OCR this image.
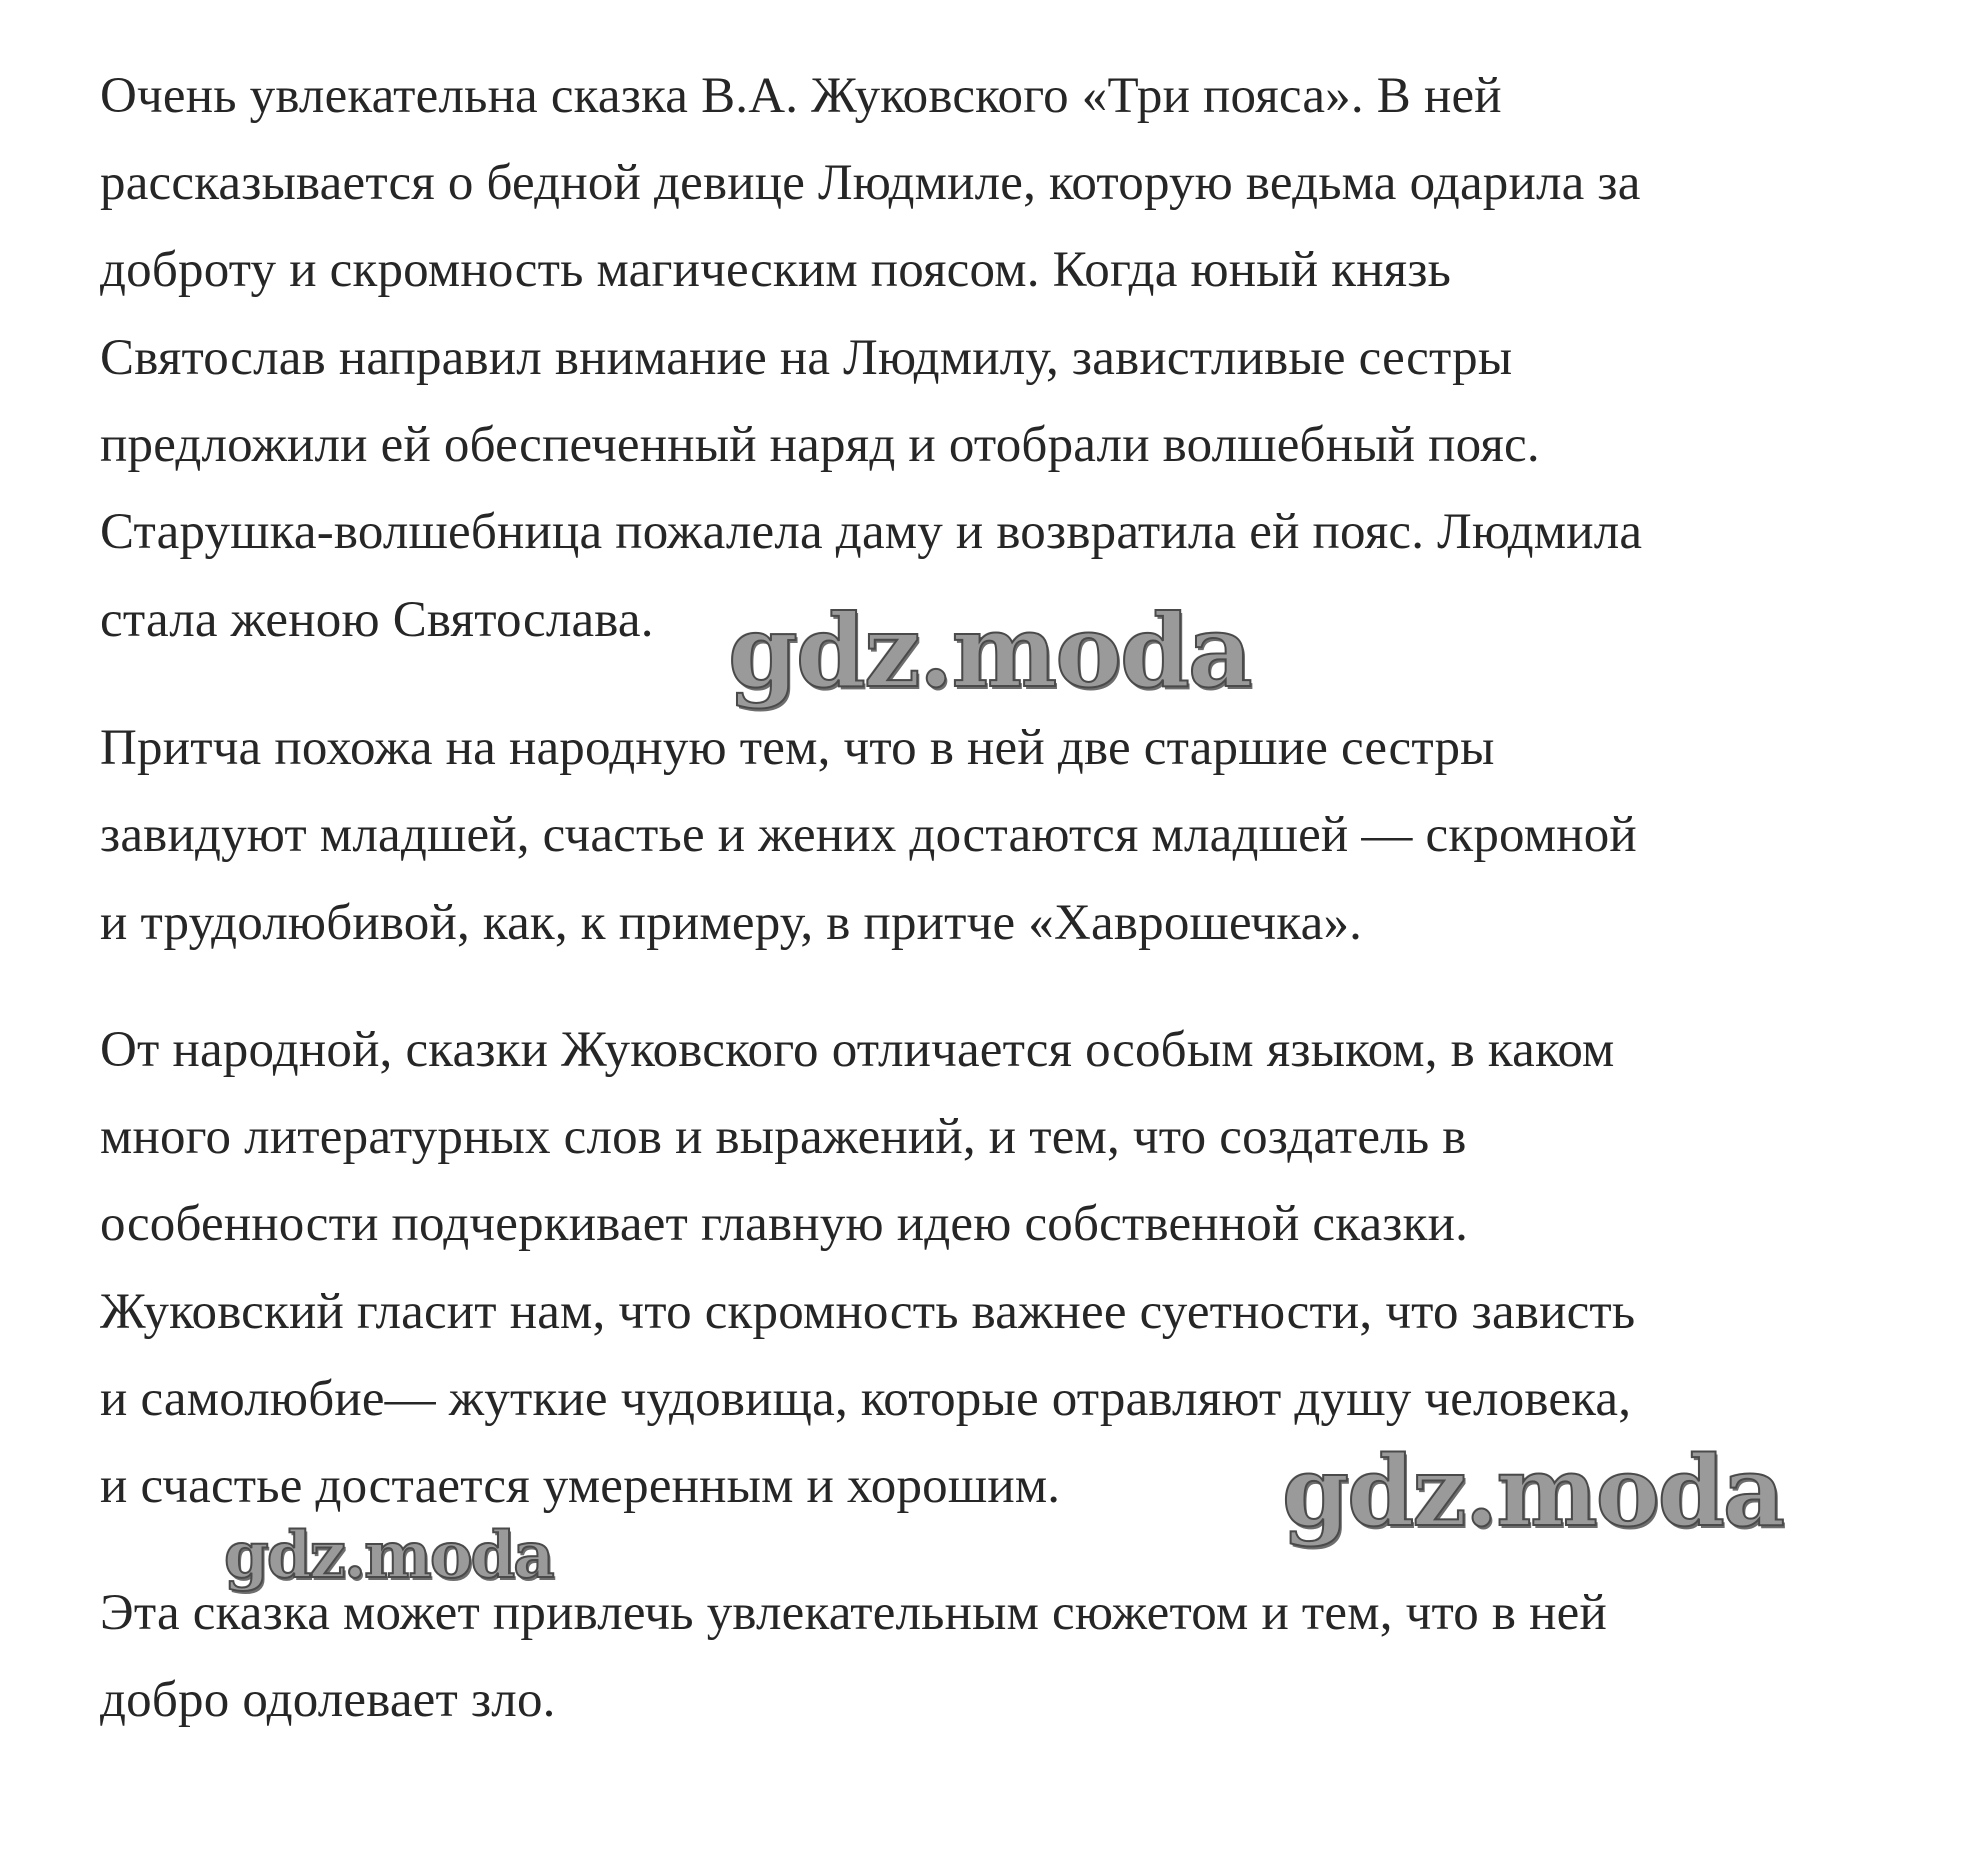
Очень увлекательна сказка В.А. Жуковского «Три пояса». В ней

рассказывается о бедной девице Людмиле, которую ведьма одарила за

доброту и скромность магическим поясом. Когда юный князь

Святослав направил внимание на Людмилу, завистливые сестры

предложили ей обеспеченный наряд и отобрали волшебный пояс.

Старушка-волшебница пожалела даму и возвратила ей пояс. Людмила

стала женою Святослава.

Притча похожа на народную тем, что в ней две старшие сестры

завидуют младшей, счастье и жених достаются младшей — скромной

и трудолюбивой, как, к примеру, в притче «Хаврошечка».

От народной, сказки Жуковского отличается особым языком, в каком

много литературных слов и выражений, и тем, что создатель в

особенности подчеркивает главную идею собственной сказки.

Жуковский гласит нам, что скромность важнее суетности, что зависть

и самолюбие— жуткие чудовища, которые отравляют душу человека,

и счастье достается умеренным и хорошим.

Эта сказка может привлечь увлекательным сюжетом и тем, что в ней

добро одолевает зло.

gdz.moda

gdz.moda

gdz.moda
